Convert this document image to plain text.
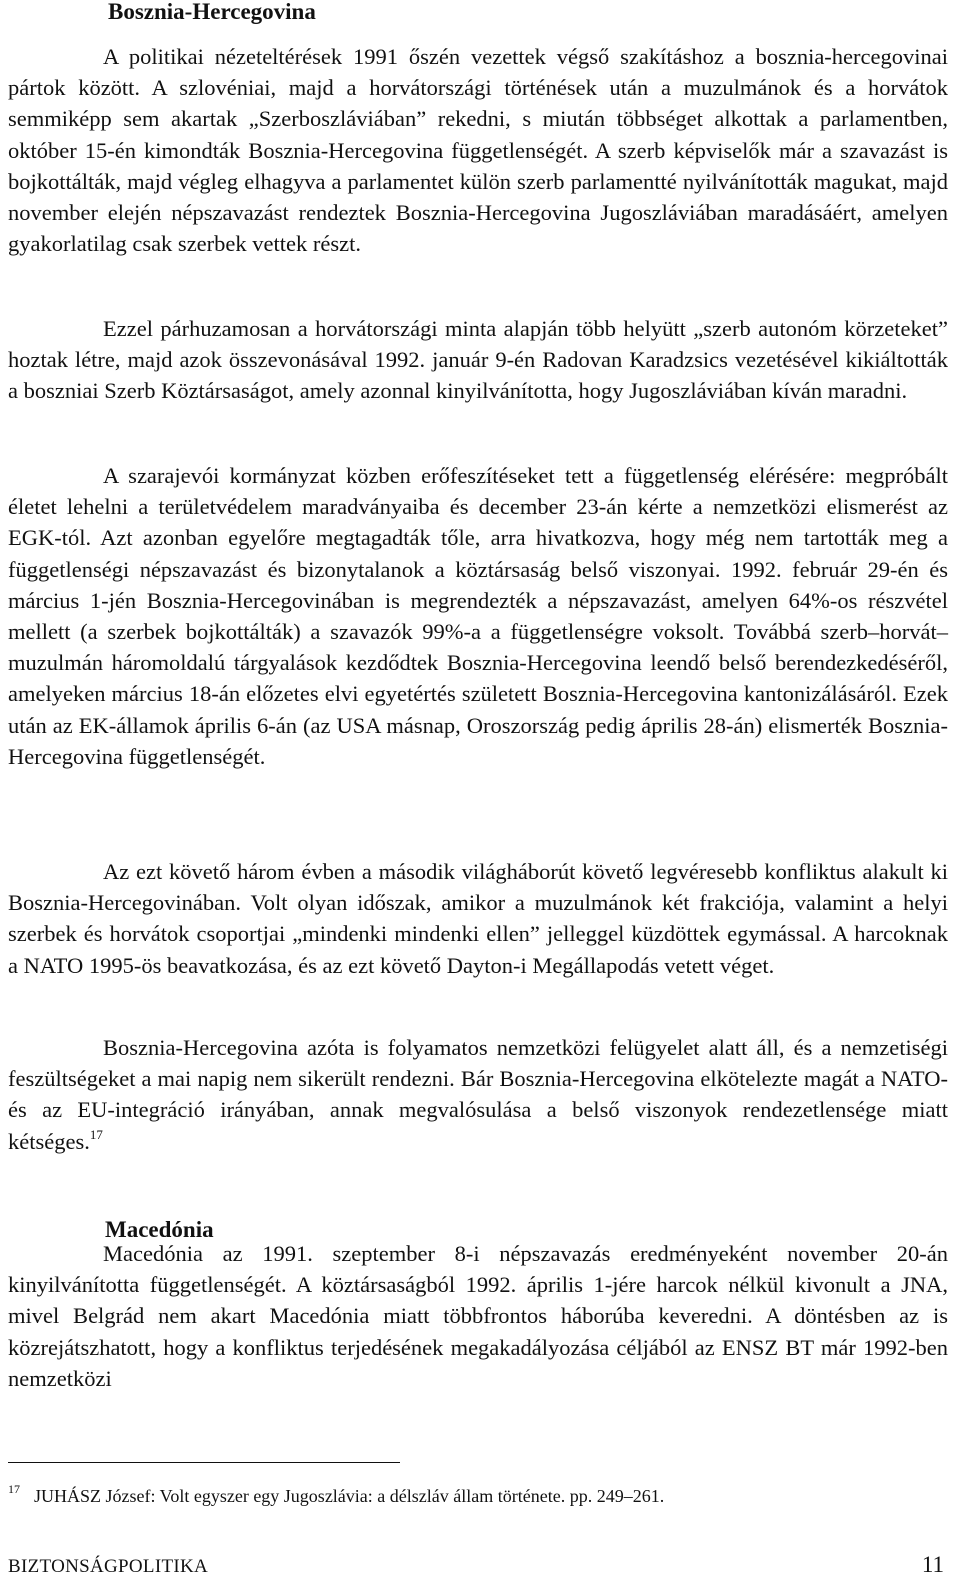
Bosznia-Hercegovina

A politikai nézeteltérések 1991 őszén vezettek végső szakításhoz a bosznia-hercegovinai pártok között. A szlovéniai, majd a horvátországi történések után a muzulmánok és a horvátok semmiképp sem akartak „Szerboszláviában” rekedni, s miután többséget alkottak a parlamentben, október 15-én kimondták Bosznia-Hercegovina függetlenségét. A szerb képviselők már a szavazást is bojkottálták, majd végleg elhagyva a parlamentet külön szerb parlamentté nyilvánították magukat, majd november elején népszavazást rendeztek Bosznia-Hercegovina Jugoszláviában maradásáért, amelyen gyakorlatilag csak szerbek vettek részt.

Ezzel párhuzamosan a horvátországi minta alapján több helyütt „szerb autonóm körzeteket” hoztak létre, majd azok összevonásával 1992. január 9-én Radovan Karadzsics vezetésével kikiáltották a boszniai Szerb Köztársaságot, amely azonnal kinyilvánította, hogy Jugoszláviában kíván maradni.

A szarajevói kormányzat közben erőfeszítéseket tett a függetlenség elérésére: megpróbált életet lehelni a területvédelem maradványaiba és december 23-án kérte a nemzetközi elismerést az EGK-tól. Azt azonban egyelőre megtagadták tőle, arra hivatkozva, hogy még nem tartották meg a függetlenségi népszavazást és bizonytalanok a köztársaság belső viszonyai. 1992. február 29-én és március 1-jén Bosznia-Hercegovinában is megrendezték a népszavazást, amelyen 64%-os részvétel mellett (a szerbek bojkottálták) a szavazók 99%-a a függetlenségre voksolt. Továbbá szerb–horvát–muzulmán háromoldalú tárgyalások kezdődtek Bosznia-Hercegovina leendő belső berendezkedéséről, amelyeken március 18-án előzetes elvi egyetértés született Bosznia-Hercegovina kantonizálásáról. Ezek után az EK-államok április 6-án (az USA másnap, Oroszország pedig április 28-án) elismerték Bosznia-Hercegovina függetlenségét.

Az ezt követő három évben a második világháborút követő legvéresebb konfliktus alakult ki Bosznia-Hercegovinában. Volt olyan időszak, amikor a muzulmánok két frakciója, valamint a helyi szerbek és horvátok csoportjai „mindenki mindenki ellen” jelleggel küzdöttek egymással. A harcoknak a NATO 1995-ös beavatkozása, és az ezt követő Dayton-i Megállapodás vetett véget.

Bosznia-Hercegovina azóta is folyamatos nemzetközi felügyelet alatt áll, és a nemzetiségi feszültségeket a mai napig nem sikerült rendezni. Bár Bosznia-Hercegovina elkötelezte magát a NATO- és az EU-integráció irányában, annak megvalósulása a belső viszonyok rendezetlensége miatt kétséges.$^{17}$

Macedónia

Macedónia az 1991. szeptember 8-i népszavazás eredményeként november 20-án kinyilvánította függetlenségét. A köztársaságból 1992. április 1-jére harcok nélkül kivonult a JNA, mivel Belgrád nem akart Macedónia miatt többfrontos háborúba keveredni. A döntésben az is közrejátszhatott, hogy a konfliktus terjedésének megakadályozása céljából az ENSZ BT már 1992-ben nemzetközi

$^{17}$ JUHÁSZ József: Volt egyszer egy Jugoszlávia: a délszláv állam története. pp. 249–261.

BIZTONSÁGPOLITIKA	11
